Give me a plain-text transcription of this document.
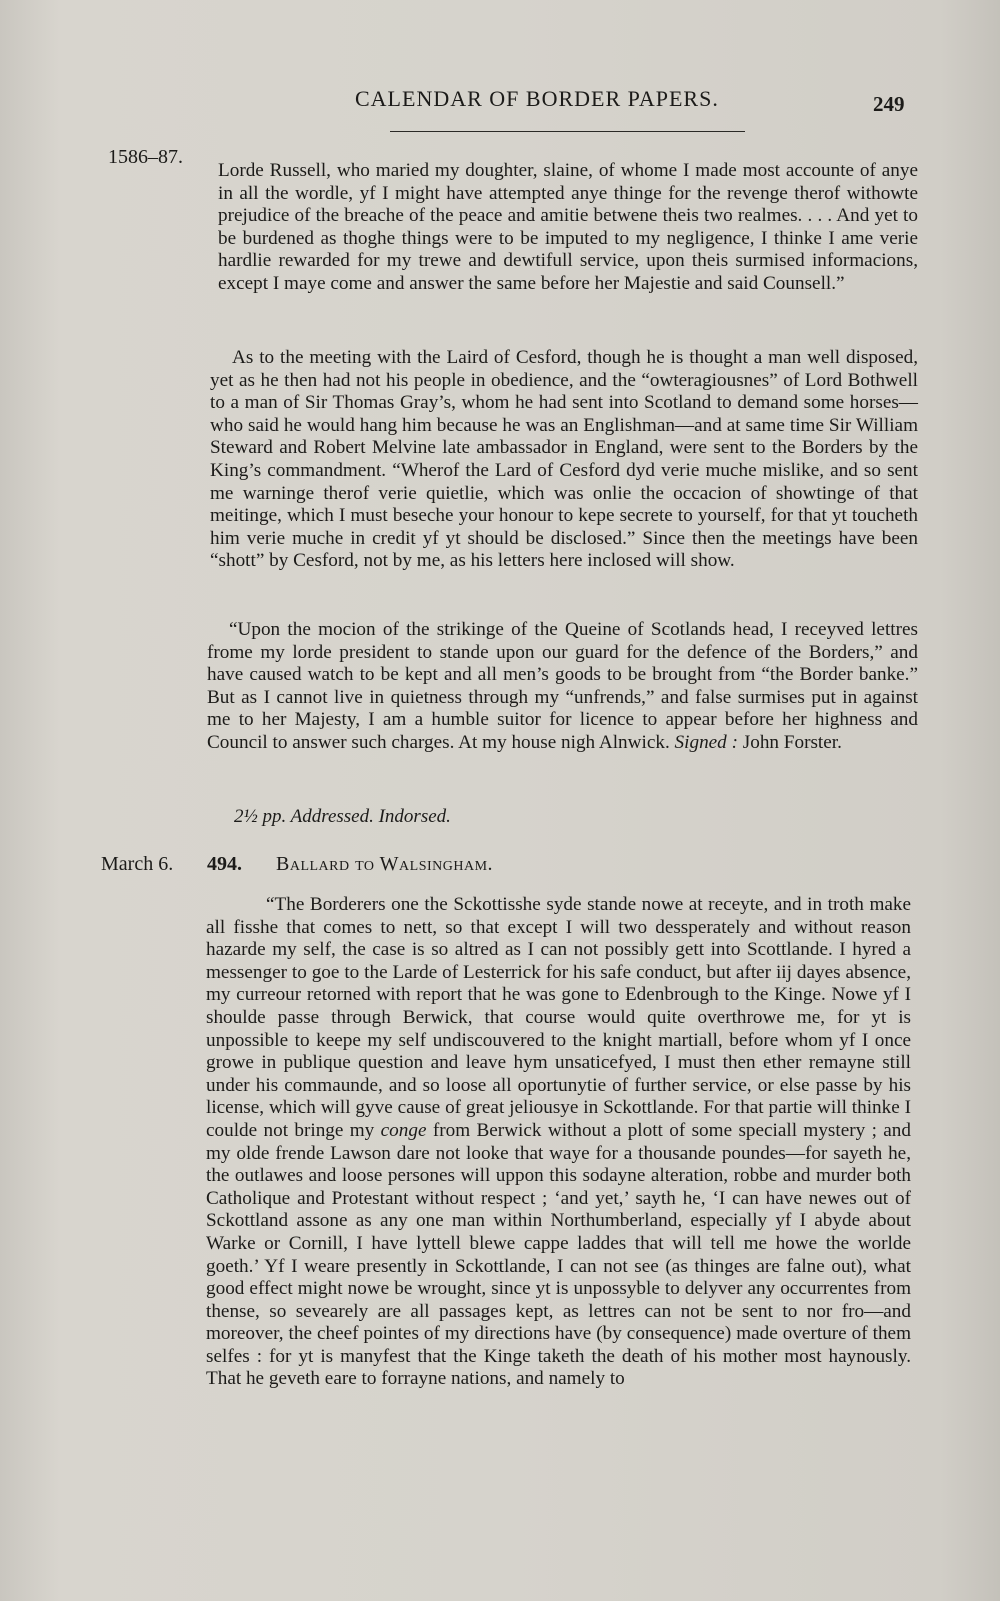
CALENDAR OF BORDER PAPERS.	249
1586–87.

Lorde Russell, who maried my doughter, slaine, of whome I made most accounte of anye in all the wordle, yf I might have attempted anye thinge for the revenge therof withowte prejudice of the breache of the peace and amitie betwene theis two realmes. . . . And yet to be burdened as thoghe things were to be imputed to my negligence, I thinke I ame verie hardlie rewarded for my trewe and dewtifull service, upon theis surmised informacions, except I maye come and answer the same before her Majestie and said Counsell.”

As to the meeting with the Laird of Cesford, though he is thought a man well disposed, yet as he then had not his people in obedience, and the “owteragiousnes” of Lord Bothwell to a man of Sir Thomas Gray’s, whom he had sent into Scotland to demand some horses—who said he would hang him because he was an Englishman—and at same time Sir William Steward and Robert Melvine late ambassador in England, were sent to the Borders by the King’s commandment. “Wherof the Lard of Cesford dyd verie muche mislike, and so sent me warninge therof verie quietlie, which was onlie the occacion of showtinge of that meitinge, which I must beseche your honour to kepe secrete to yourself, for that yt toucheth him verie muche in credit yf yt should be disclosed.” Since then the meetings have been “shott” by Cesford, not by me, as his letters here inclosed will show.

“Upon the mocion of the strikinge of the Queine of Scotlands head, I receyved lettres frome my lorde president to stande upon our guard for the defence of the Borders,” and have caused watch to be kept and all men’s goods to be brought from “the Border banke.” But as I cannot live in quietness through my “unfrends,” and false surmises put in against me to her Majesty, I am a humble suitor for licence to appear before her highness and Council to answer such charges. At my house nigh Alnwick. Signed : John Forster.

2½ pp. Addressed. Indorsed.
March 6. 494. Ballard to Walsingham.

“The Borderers one the Sckottisshe syde stande nowe at receyte, and in troth make all fisshe that comes to nett, so that except I will two dessperately and without reason hazarde my self, the case is so altred as I can not possibly gett into Scottlande. I hyred a messenger to goe to the Larde of Lesterrick for his safe conduct, but after iij dayes absence, my curreour retorned with report that he was gone to Edenbrough to the Kinge. Nowe yf I shoulde passe through Berwick, that course would quite overthrowe me, for yt is unpossible to keepe my self undiscouvered to the knight martiall, before whom yf I once growe in publique question and leave hym unsaticefyed, I must then ether remayne still under his commaunde, and so loose all oportunytie of further service, or else passe by his license, which will gyve cause of great jeliousye in Sckottlande. For that partie will thinke I coulde not bringe my conge from Berwick without a plott of some speciall mystery ; and my olde frende Lawson dare not looke that waye for a thousande poundes—for sayeth he, the outlawes and loose persones will uppon this sodayne alteration, robbe and murder both Catholique and Protestant without respect ; ‘and yet,’ sayth he, ‘I can have newes out of Sckottland assone as any one man within Northumberland, especially yf I abyde about Warke or Cornill, I have lyttell blewe cappe laddes that will tell me howe the worlde goeth.’ Yf I weare presently in Sckottlande, I can not see (as thinges are falne out), what good effect might nowe be wrought, since yt is unpossyble to delyver any occurrentes from thense, so sevearely are all passages kept, as lettres can not be sent to nor fro—and moreover, the cheef pointes of my directions have (by consequence) made overture of them selfes : for yt is manyfest that the Kinge taketh the death of his mother most haynously. That he geveth eare to forrayne nations, and namely to
